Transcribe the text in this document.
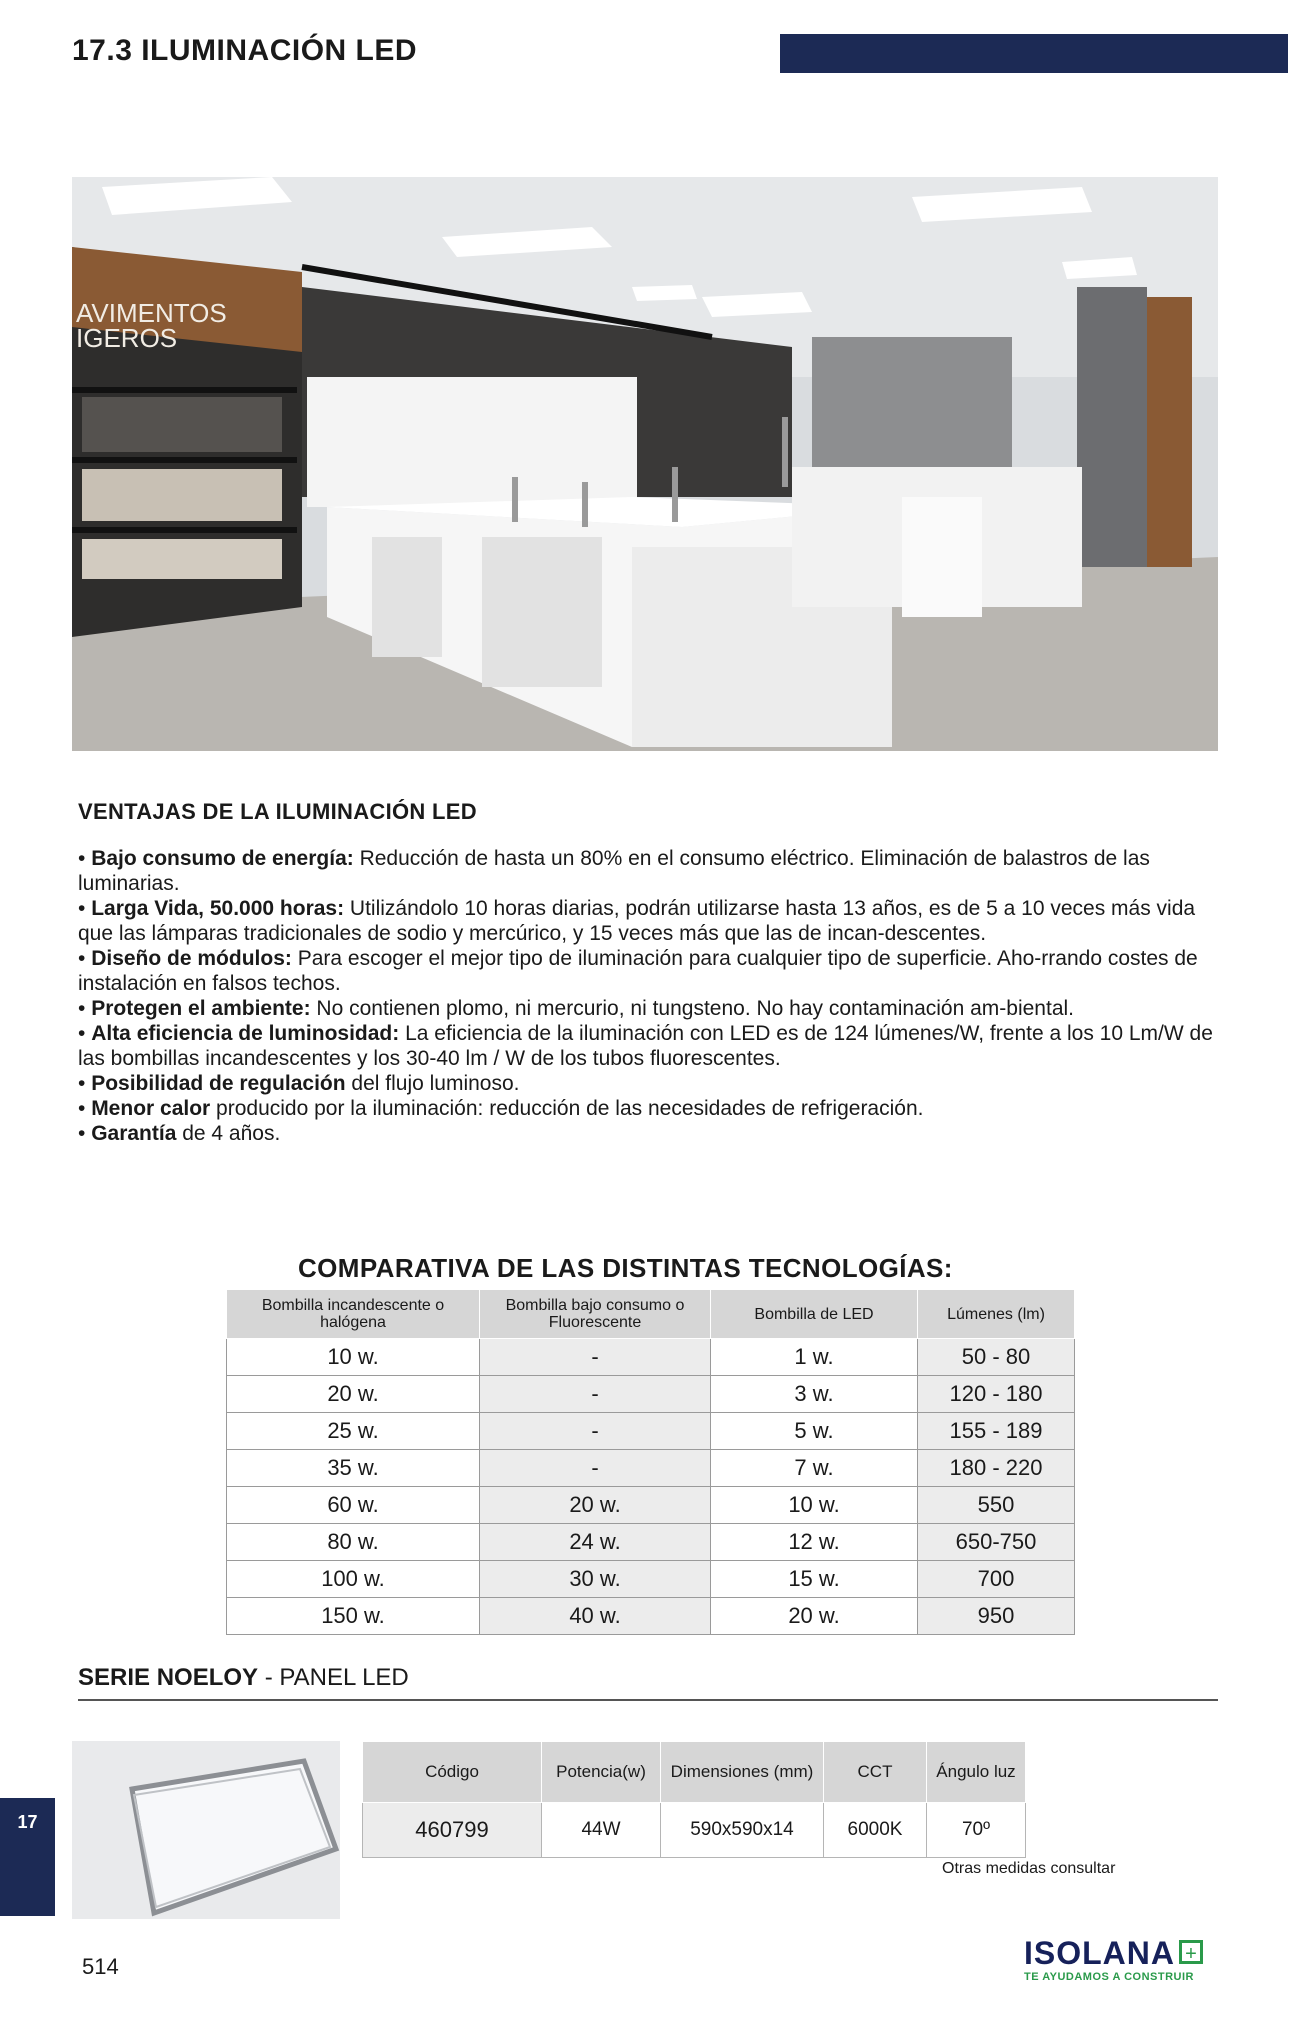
17.3 ILUMINACIÓN LED
AVIMENTOS
IGEROS
VENTAJAS DE LA ILUMINACIÓN LED
• Bajo consumo de energía: Reducción de hasta un 80% en el consumo eléctrico. Eliminación de balastros de las luminarias.
• Larga Vida, 50.000 horas: Utilizándolo 10 horas diarias, podrán utilizarse hasta 13 años, es de 5 a 10 veces más vida que las lámparas tradicionales de sodio y mercúrico, y 15 veces más que las de incan-descentes.
• Diseño de módulos: Para escoger el mejor tipo de iluminación para cualquier tipo de superficie. Aho-rrando costes de instalación en falsos techos.
• Protegen el ambiente: No contienen plomo, ni mercurio, ni tungsteno. No hay contaminación am-biental.
• Alta eficiencia de luminosidad: La eficiencia de la iluminación con LED es de 124 lúmenes/W, frente a los 10 Lm/W de las bombillas incandescentes y los 30-40 lm / W de los tubos fluorescentes.
• Posibilidad de regulación del flujo luminoso.
• Menor calor producido por la iluminación: reducción de las necesidades de refrigeración.
• Garantía de 4 años.
COMPARATIVA DE LAS DISTINTAS TECNOLOGÍAS:
Bombilla incandescente o halógena	Bombilla bajo consumo o Fluorescente	Bombilla de LED	Lúmenes (lm)
10 w.	-	1 w.	50 - 80
20 w.	-	3 w.	120 - 180
25 w.	-	5 w.	155 - 189
35 w.	-	7 w.	180 - 220
60 w.	20 w.	10 w.	550
80 w.	24 w.	12 w.	650-750
100 w.	30 w.	15 w.	700
150 w.	40 w.	20 w.	950
SERIE NOELOY - PANEL LED
17
Código	Potencia(w)	Dimensiones (mm)	CCT	Ángulo luz
460799	44W	590x590x14	6000K	70º
Otras medidas consultar
514	ISOLANA +
TE AYUDAMOS A CONSTRUIR
